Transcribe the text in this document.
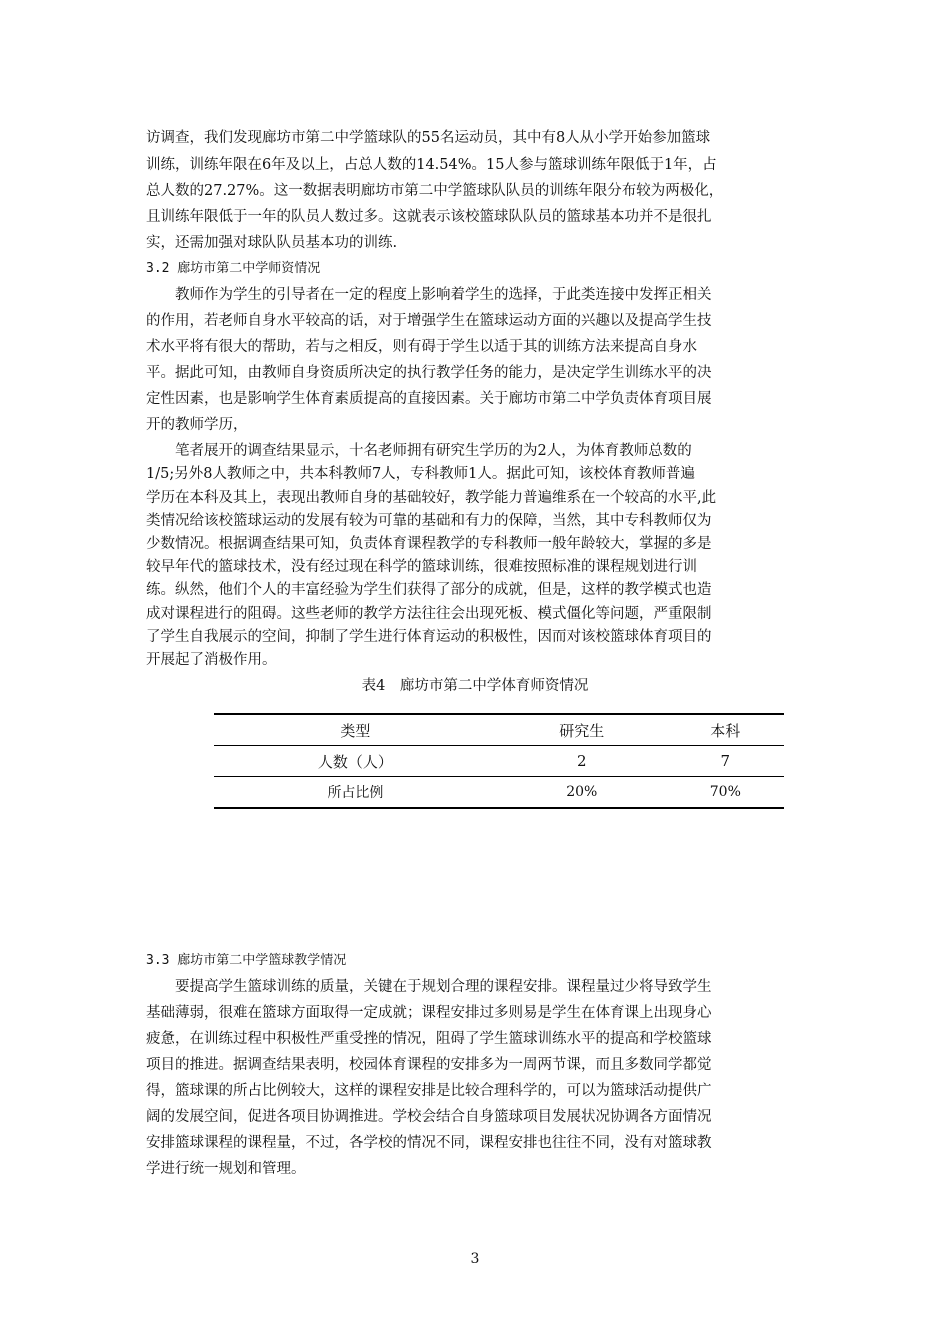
访调查，我们发现廊坊市第二中学篮球队的55名运动员，其中有8人从小学开始参加篮球
训练，训练年限在6年及以上，占总人数的14.54%。15人参与篮球训练年限低于1年，占
总人数的27.27%。这一数据表明廊坊市第二中学篮球队队员的训练年限分布较为两极化，
且训练年限低于一年的队员人数过多。这就表示该校篮球队队员的篮球基本功并不是很扎
实，还需加强对球队队员基本功的训练.
3.2 廊坊市第二中学师资情况
　　教师作为学生的引导者在一定的程度上影响着学生的选择，于此类连接中发挥正相关
的作用，若老师自身水平较高的话，对于增强学生在篮球运动方面的兴趣以及提高学生技
术水平将有很大的帮助，若与之相反，则有碍于学生以适于其的训练方法来提高自身水
平。据此可知，由教师自身资质所决定的执行教学任务的能力，是决定学生训练水平的决
定性因素，也是影响学生体育素质提高的直接因素。关于廊坊市第二中学负责体育项目展
开的教师学历，
　　笔者展开的调查结果显示，十名老师拥有研究生学历的为2人，为体育教师总数的
1/5;另外8人教师之中，共本科教师7人，专科教师1人。据此可知，该校体育教师普遍
学历在本科及其上，表现出教师自身的基础较好，教学能力普遍维系在一个较高的水平,此
类情况给该校篮球运动的发展有较为可靠的基础和有力的保障，当然，其中专科教师仅为
少数情况。根据调查结果可知，负责体育课程教学的专科教师一般年龄较大，掌握的多是
较早年代的篮球技术，没有经过现在科学的篮球训练，很难按照标准的课程规划进行训
练。纵然，他们个人的丰富经验为学生们获得了部分的成就，但是，这样的教学模式也造
成对课程进行的阻碍。这些老师的教学方法往往会出现死板、模式僵化等问题，严重限制
了学生自我展示的空间，抑制了学生进行体育运动的积极性，因而对该校篮球体育项目的
开展起了消极作用。
表4　廊坊市第二中学体育师资情况
类型	研究生	本科
人数（人）	2	7
所占比例	20%	70%
3.3 廊坊市第二中学篮球教学情况
　　要提高学生篮球训练的质量，关键在于规划合理的课程安排。课程量过少将导致学生
基础薄弱，很难在篮球方面取得一定成就；课程安排过多则易是学生在体育课上出现身心
疲惫，在训练过程中积极性严重受挫的情况，阻碍了学生篮球训练水平的提高和学校篮球
项目的推进。据调查结果表明，校园体育课程的安排多为一周两节课，而且多数同学都觉
得，篮球课的所占比例较大，这样的课程安排是比较合理科学的，可以为篮球活动提供广
阔的发展空间，促进各项目协调推进。学校会结合自身篮球项目发展状况协调各方面情况
安排篮球课程的课程量，不过，各学校的情况不同，课程安排也往往不同，没有对篮球教
学进行统一规划和管理。
3
